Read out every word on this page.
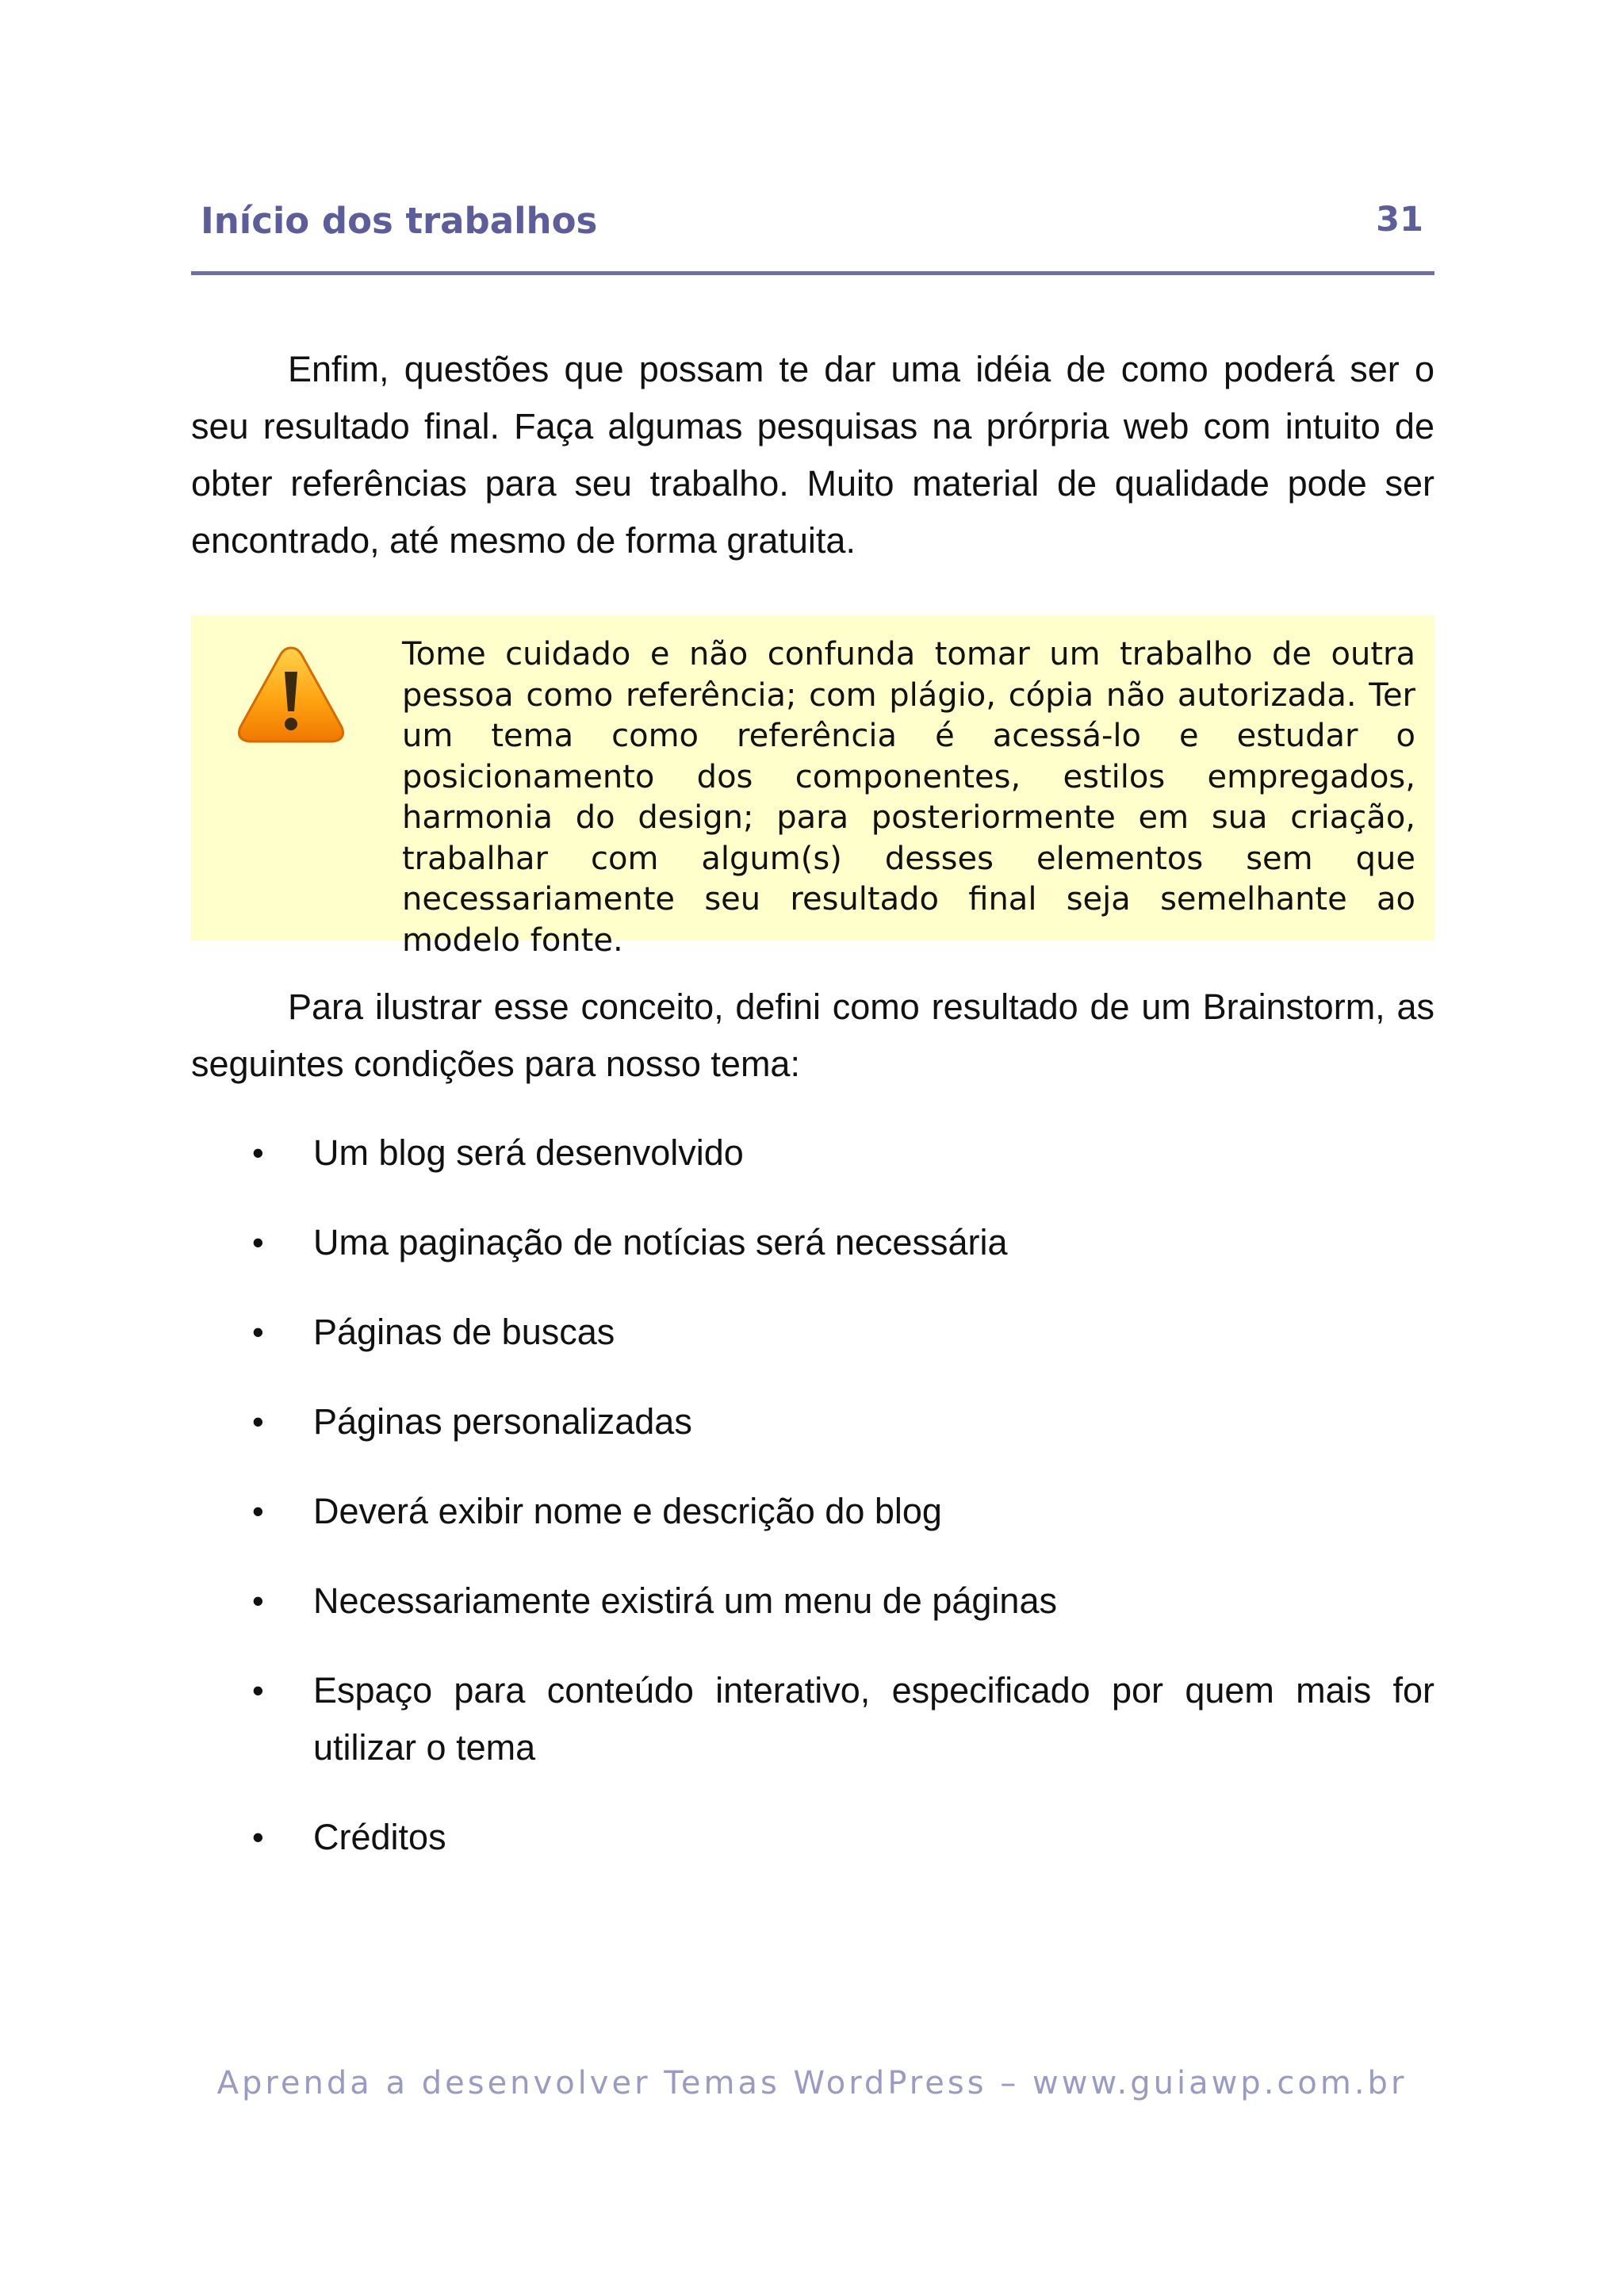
Início dos trabalhos	31

Enfim, questões que possam te dar uma idéia de como poderá ser o seu resultado final. Faça algumas pesquisas na prórpria web com intuito de obter referências para seu trabalho. Muito material de qualidade pode ser encontrado, até mesmo de forma gratuita.

Tome cuidado e não confunda tomar um trabalho de outra pessoa como referência; com plágio, cópia não autorizada. Ter um tema como referência é acessá-lo e estudar o posicionamento dos componentes, estilos empregados, harmonia do design; para posteriormente em sua criação, trabalhar com algum(s) desses elementos sem que necessariamente seu resultado final seja semelhante ao modelo fonte.

Para ilustrar esse conceito, defini como resultado de um Brainstorm, as seguintes condições para nosso tema:

• Um blog será desenvolvido
• Uma paginação de notícias será necessária
• Páginas de buscas
• Páginas personalizadas
• Deverá exibir nome e descrição do blog
• Necessariamente existirá um menu de páginas
• Espaço para conteúdo interativo, especificado por quem mais for utilizar o tema
• Créditos
Aprenda a desenvolver Temas WordPress – www.guiawp.com.br
